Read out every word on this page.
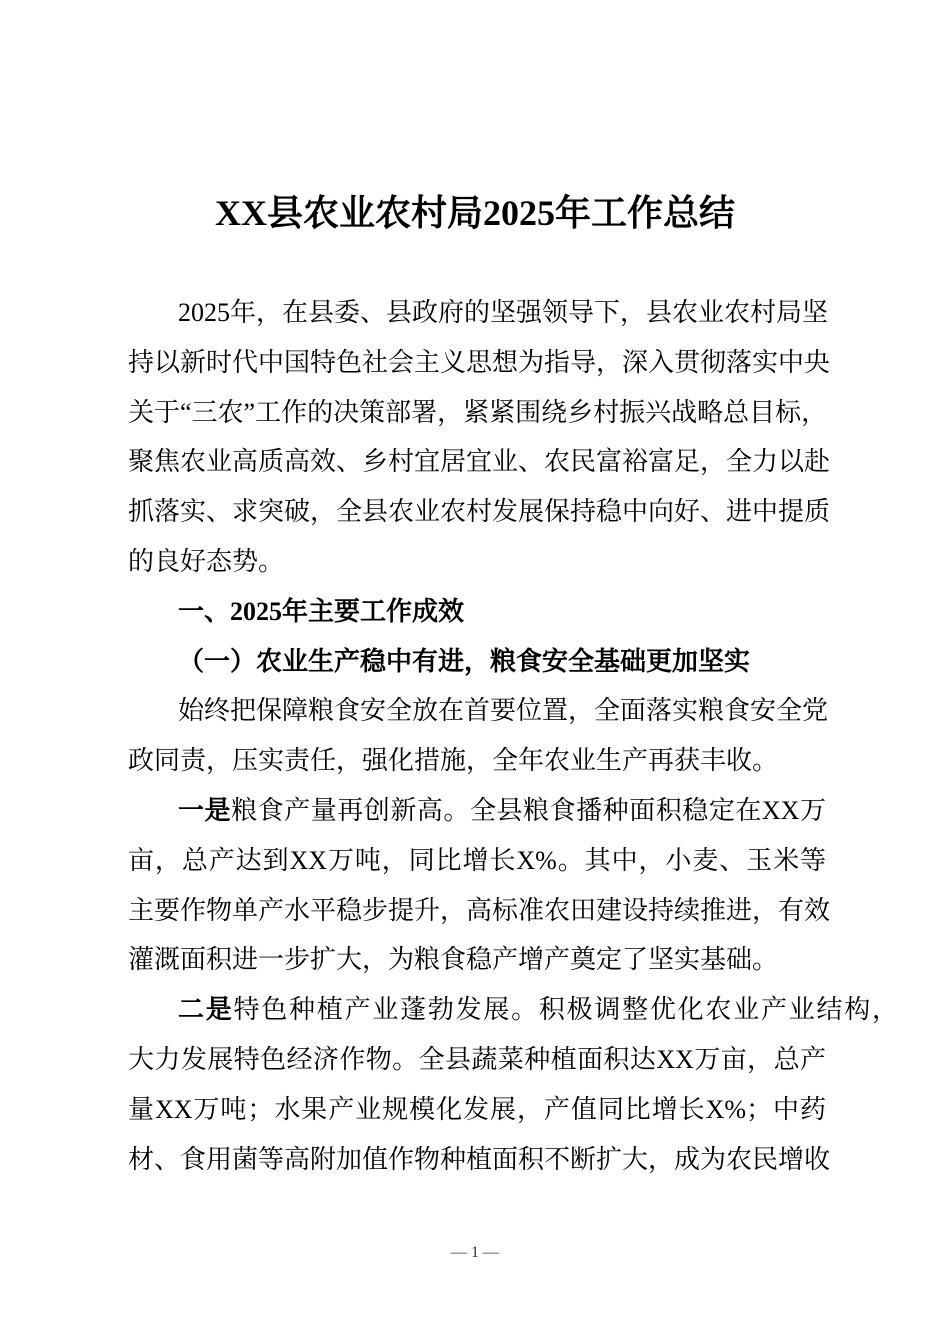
XX县农业农村局2025年工作总结
2025年，在县委、县政府的坚强领导下，县农业农村局坚
持以新时代中国特色社会主义思想为指导，深入贯彻落实中央
关于“三农”工作的决策部署，紧紧围绕乡村振兴战略总目标，
聚焦农业高质高效、乡村宜居宜业、农民富裕富足，全力以赴
抓落实、求突破，全县农业农村发展保持稳中向好、进中提质
的良好态势。
一、2025年主要工作成效
（一）农业生产稳中有进，粮食安全基础更加坚实
始终把保障粮食安全放在首要位置，全面落实粮食安全党
政同责，压实责任，强化措施，全年农业生产再获丰收。
一是粮食产量再创新高。全县粮食播种面积稳定在XX万
亩，总产达到XX万吨，同比增长X%。其中，小麦、玉米等
主要作物单产水平稳步提升，高标准农田建设持续推进，有效
灌溉面积进一步扩大，为粮食稳产增产奠定了坚实基础。
二是特色种植产业蓬勃发展。积极调整优化农业产业结构，
大力发展特色经济作物。全县蔬菜种植面积达XX万亩，总产
量XX万吨；水果产业规模化发展，产值同比增长X%；中药
材、食用菌等高附加值作物种植面积不断扩大，成为农民增收
— 1 —
